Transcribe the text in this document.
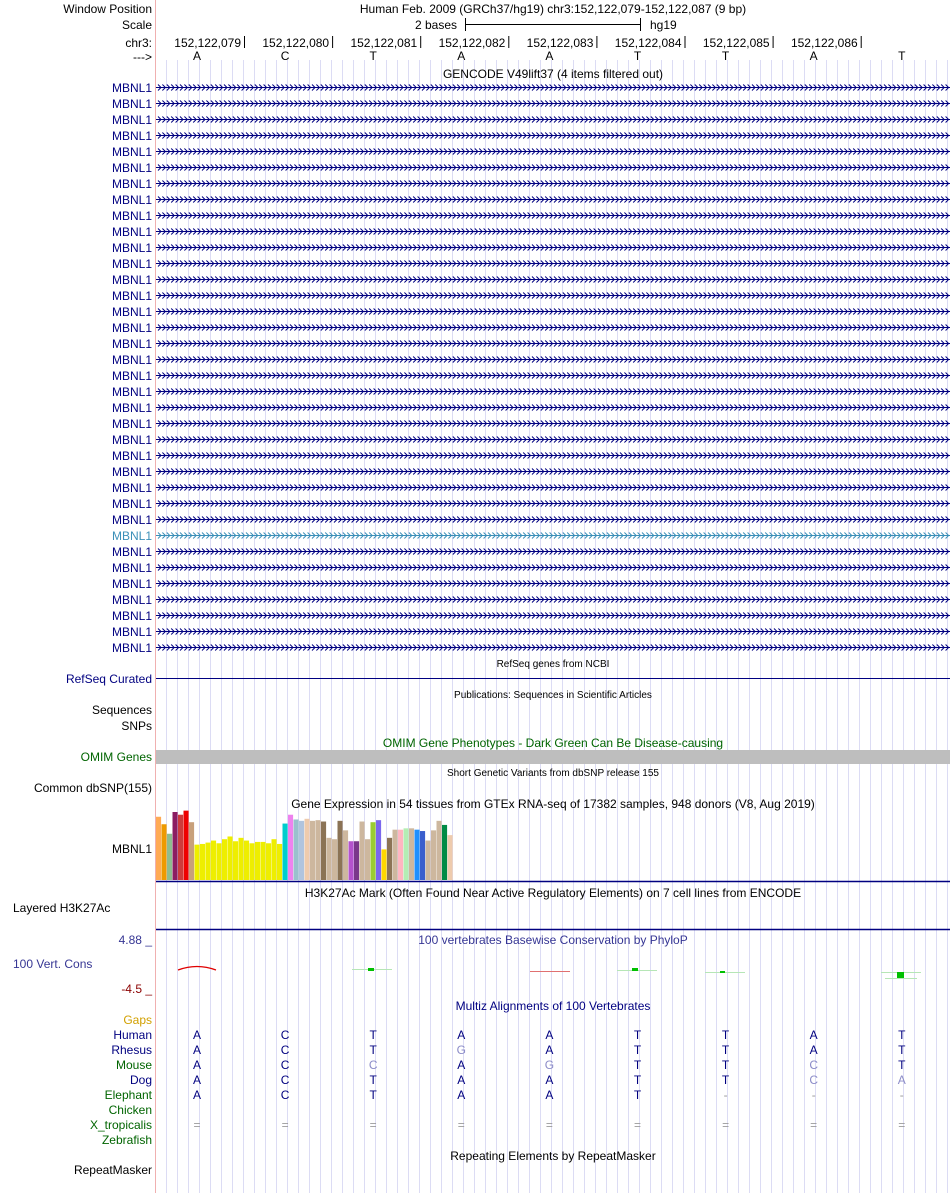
Window Position	Human Feb. 2009 (GRCh37/hg19) chr3:152,122,079-152,122,087 (9 bp)
Scale	2 bases	hg19
chr3:	152,122,079	152,122,080	152,122,081	152,122,082	152,122,083	152,122,084	152,122,085	152,122,086
--->	A	C	T	A	A	T	T	A	T
GENCODE V49lift37 (4 items filtered out)
MBNL1
MBNL1
MBNL1
MBNL1
MBNL1
MBNL1
MBNL1
MBNL1
MBNL1
MBNL1
MBNL1
MBNL1
MBNL1
MBNL1
MBNL1
MBNL1
MBNL1
MBNL1
MBNL1
MBNL1
MBNL1
MBNL1
MBNL1
MBNL1
MBNL1
MBNL1
MBNL1
MBNL1
MBNL1
MBNL1
MBNL1
MBNL1
MBNL1
MBNL1
MBNL1
MBNL1
RefSeq genes from NCBI
RefSeq Curated
Publications: Sequences in Scientific Articles
Sequences
SNPs
OMIM Gene Phenotypes - Dark Green Can Be Disease-causing
OMIM Genes
Short Genetic Variants from dbSNP release 155
Common dbSNP(155)
Gene Expression in 54 tissues from GTEx RNA-seq of 17382 samples, 948 donors (V8, Aug 2019)
MBNL1
H3K27Ac Mark (Often Found Near Active Regulatory Elements) on 7 cell lines from ENCODE
Layered H3K27Ac
100 vertebrates Basewise Conservation by PhyloP
4.88 _
100 Vert. Cons
-4.5 _
Multiz Alignments of 100 Vertebrates
Gaps
Human	A	C	T	A	A	T	T	A	T
Rhesus	A	C	T	G	A	T	T	A	T
Mouse	A	C	C	A	G	T	T	C	T
Dog	A	C	T	A	A	T	T	C	A
Elephant	A	C	T	A	A	T	-	-	-
Chicken
X_tropicalis	=	=	=	=	=	=	=	=	=
Zebrafish
Repeating Elements by RepeatMasker
RepeatMasker
